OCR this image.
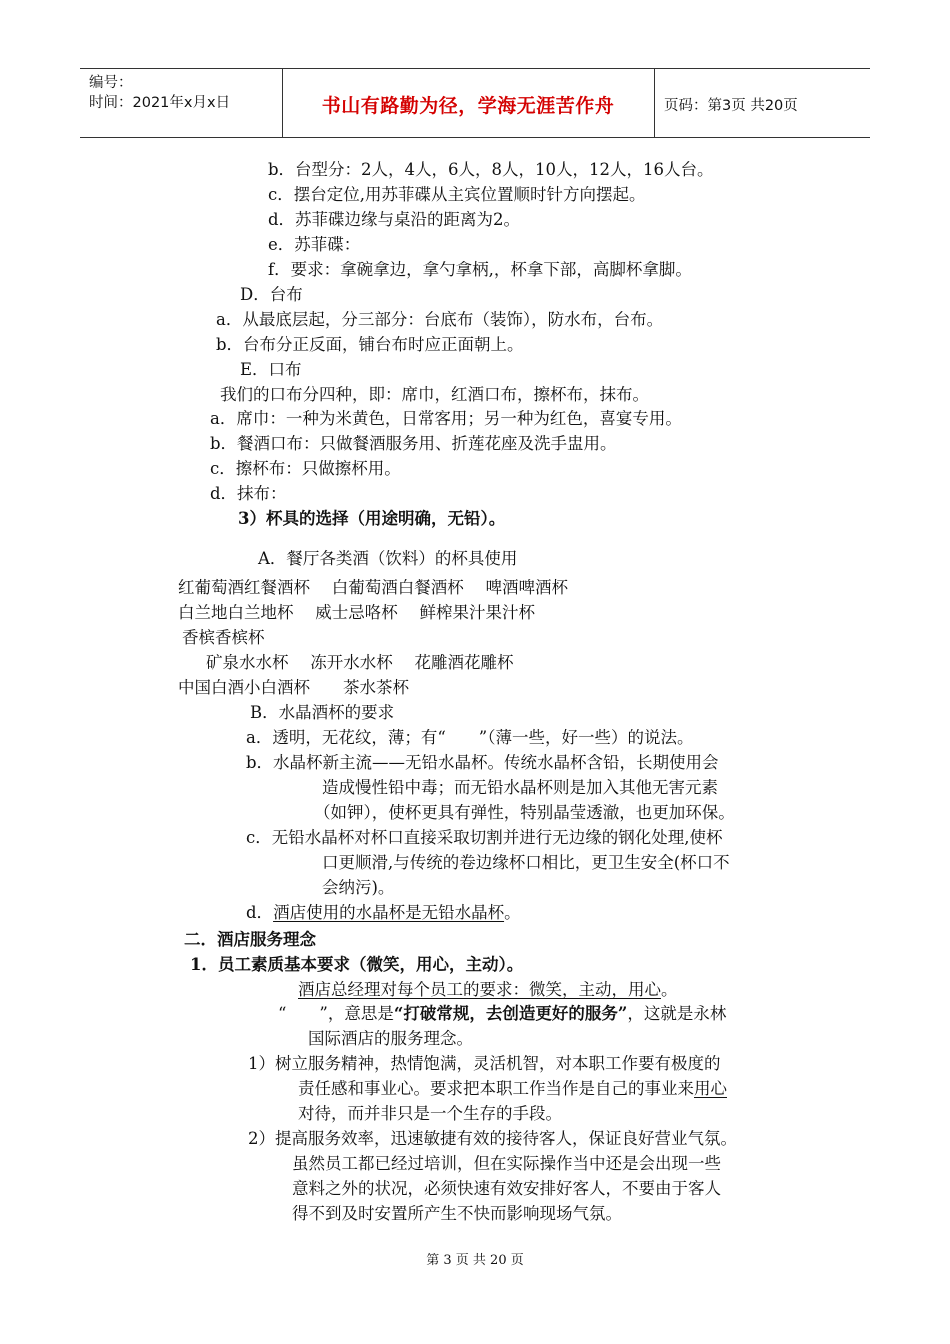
编号：
时间：2021年x月x日	书山有路勤为径，学海无涯苦作舟	页码：第3页 共20页
b．台型分：2人，4人，6人，8人，10人，12人，16人台。
c．摆台定位,用苏菲碟从主宾位置顺时针方向摆起。
d．苏菲碟边缘与桌沿的距离为2。
e．苏菲碟：
f．要求：拿碗拿边，拿勺拿柄,，杯拿下部，高脚杯拿脚。
D．台布
a．从最底层起，分三部分：台底布（装饰），防水布，台布。
b．台布分正反面，铺台布时应正面朝上。
E．口布
我们的口布分四种，即：席巾，红酒口布，擦杯布，抹布。
a．席巾：一种为米黄色，日常客用；另一种为红色，喜宴专用。
b．餐酒口布：只做餐酒服务用、折莲花座及洗手盅用。
c．擦杯布：只做擦杯用。
d．抹布：
3）杯具的选择（用途明确，无铅）。
A．餐厅各类酒（饮料）的杯具使用
红葡萄酒红餐酒杯　 白葡萄酒白餐酒杯　 啤酒啤酒杯
白兰地白兰地杯　 威士忌咯杯　 鲜榨果汁果汁杯
香槟香槟杯
矿泉水水杯　 冻开水水杯　 花雕酒花雕杯
中国白酒小白酒杯　　茶水茶杯
B．水晶酒杯的要求
a．透明，无花纹，薄；有“　　”（薄一些，好一些）的说法。
b．水晶杯新主流——无铅水晶杯。传统水晶杯含铅，长期使用会
造成慢性铅中毒；而无铅水晶杯则是加入其他无害元素
（如钾），使杯更具有弹性，特别晶莹透澈，也更加环保。
c．无铅水晶杯对杯口直接采取切割并进行无边缘的钢化处理,使杯
口更顺滑,与传统的卷边缘杯口相比，更卫生安全(杯口不
会纳污)。
d．酒店使用的水晶杯是无铅水晶杯。
二．酒店服务理念
1．员工素质基本要求（微笑，用心，主动）。
酒店总经理对每个员工的要求：微笑，主动，用心。
“　　”，意思是“打破常规，去创造更好的服务”，这就是永林
国际酒店的服务理念。
1）树立服务精神，热情饱满，灵活机智，对本职工作要有极度的
责任感和事业心。要求把本职工作当作是自己的事业来用心
对待，而并非只是一个生存的手段。
2）提高服务效率，迅速敏捷有效的接待客人，保证良好营业气氛。
虽然员工都已经过培训，但在实际操作当中还是会出现一些
意料之外的状况，必须快速有效安排好客人，不要由于客人
得不到及时安置所产生不快而影响现场气氛。
第 3 页 共 20 页
